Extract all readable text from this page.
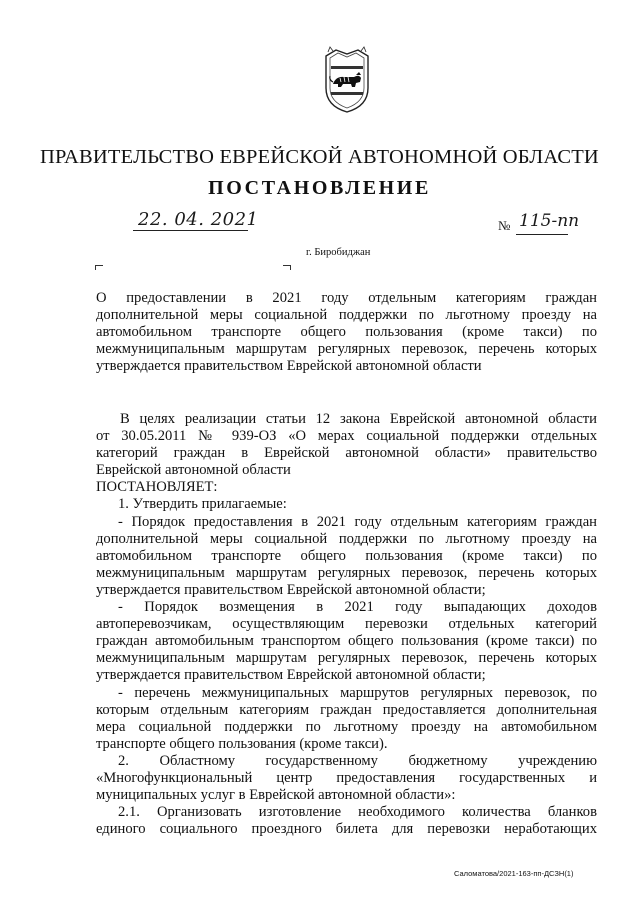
ПРАВИТЕЛЬСТВО ЕВРЕЙСКОЙ АВТОНОМНОЙ ОБЛАСТИ
ПОСТАНОВЛЕНИЕ
22. 04. 2021	№ 115-пп
г. Биробиджан
О предоставлении в 2021 году отдельным категориям граждан
дополнительной меры социальной поддержки по льготному проезду на
автомобильном транспорте общего пользования (кроме такси) по
межмуниципальным маршрутам регулярных перевозок, перечень которых
утверждается правительством Еврейской автономной области
В целях реализации статьи 12 закона Еврейской автономной области
от 30.05.2011 № 939-ОЗ «О мерах социальной поддержки отдельных
категорий граждан в Еврейской автономной области» правительство
Еврейской автономной области
ПОСТАНОВЛЯЕТ:
1. Утвердить прилагаемые:
- Порядок предоставления в 2021 году отдельным категориям граждан
дополнительной меры социальной поддержки по льготному проезду на
автомобильном транспорте общего пользования (кроме такси) по
межмуниципальным маршрутам регулярных перевозок, перечень которых
утверждается правительством Еврейской автономной области;
- Порядок возмещения в 2021 году выпадающих доходов
автоперевозчикам, осуществляющим перевозки отдельных категорий
граждан автомобильным транспортом общего пользования (кроме такси) по
межмуниципальным маршрутам регулярных перевозок, перечень которых
утверждается правительством Еврейской автономной области;
- перечень межмуниципальных маршрутов регулярных перевозок, по
которым отдельным категориям граждан предоставляется дополнительная
мера социальной поддержки по льготному проезду на автомобильном
транспорте общего пользования (кроме такси).
2. Областному государственному бюджетному учреждению
«Многофункциональный центр предоставления государственных и
муниципальных услуг в Еврейской автономной области»:
2.1. Организовать изготовление необходимого количества бланков
единого социального проездного билета для перевозки неработающих
Саломатова/2021-163-пп-ДСЗН(1)
